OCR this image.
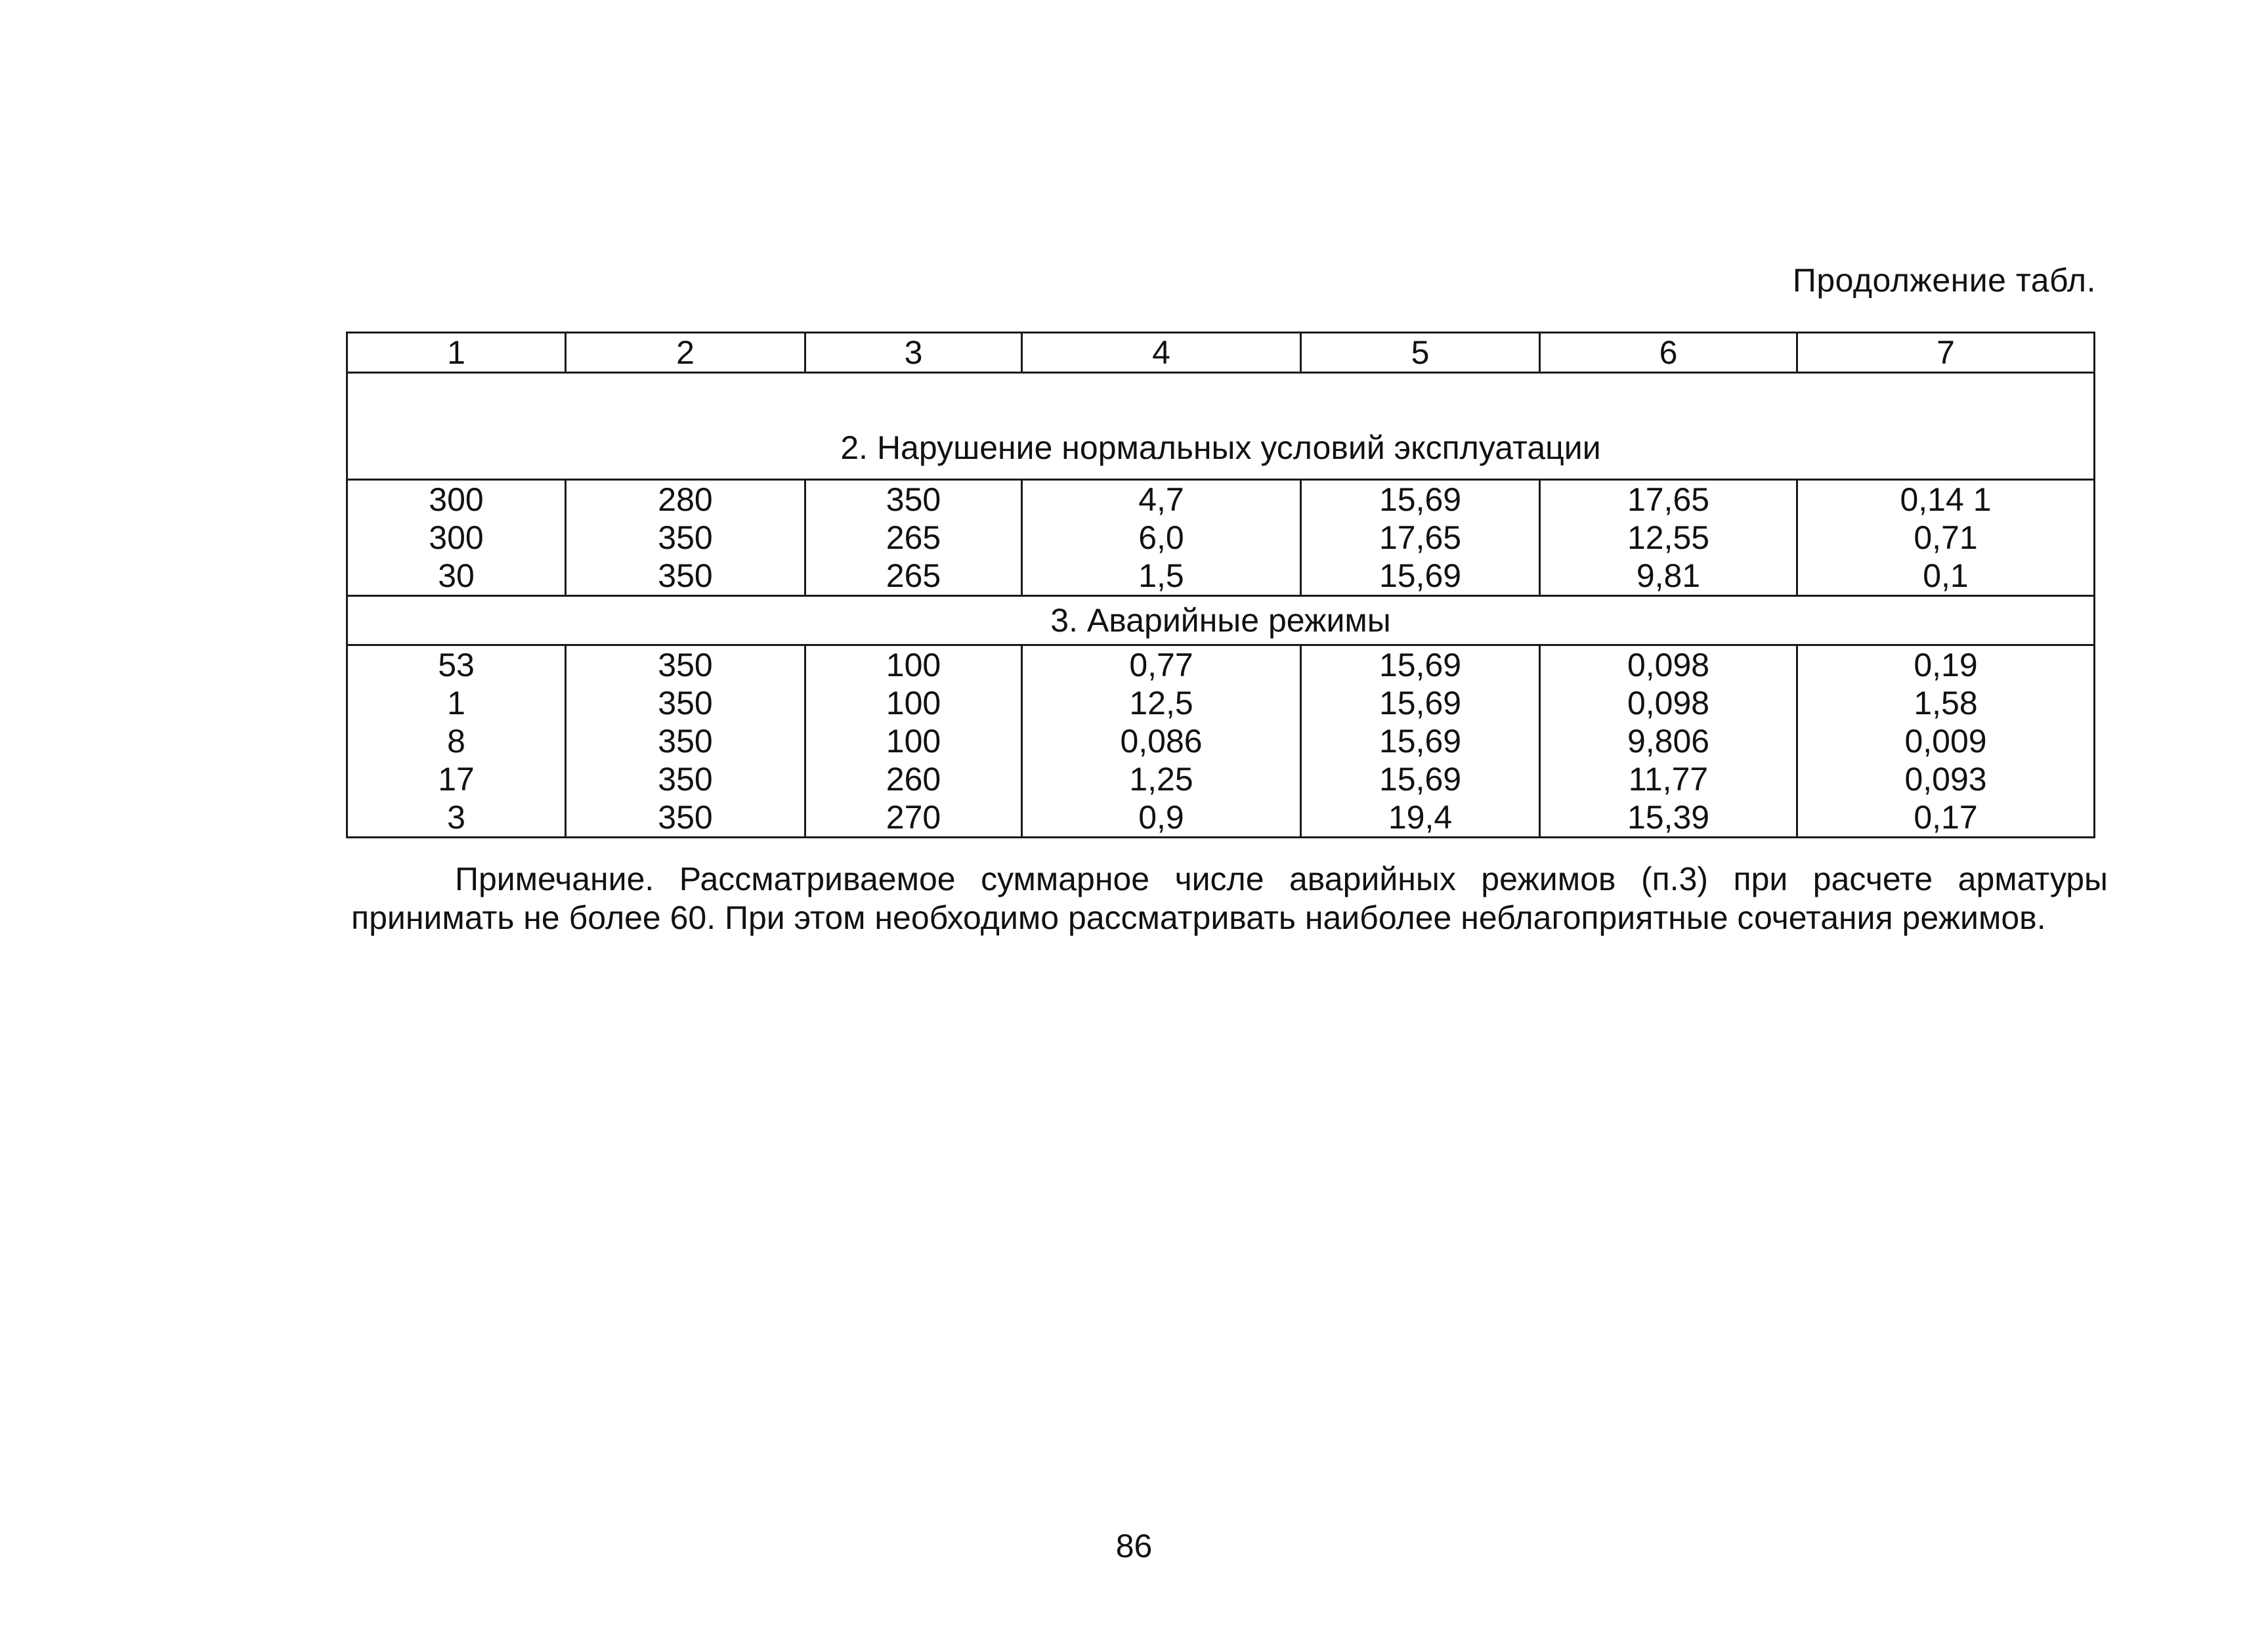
Продолжение табл.
1	2	3	4	5	6	7
2. Нарушение нормальных условий эксплуатации						
300	280	350	4,7	15,69	17,65	0,14 1
300	350	265	6,0	17,65	12,55	0,71
30	350	265	1,5	15,69	9,81	0,1
3. Аварийные режимы						
53	350	100	0,77	15,69	0,098	0,19
1	350	100	12,5	15,69	0,098	1,58
8	350	100	0,086	15,69	9,806	0,009
17	350	260	1,25	15,69	11,77	0,093
3	350	270	0,9	19,4	15,39	0,17
Примечание. Рассматриваемое суммарное числе аварийных режимов (п.3) при расчете арматуры принимать не более 60. При этом необходимо рассматривать наиболее неблагоприятные сочетания режимов.
86
